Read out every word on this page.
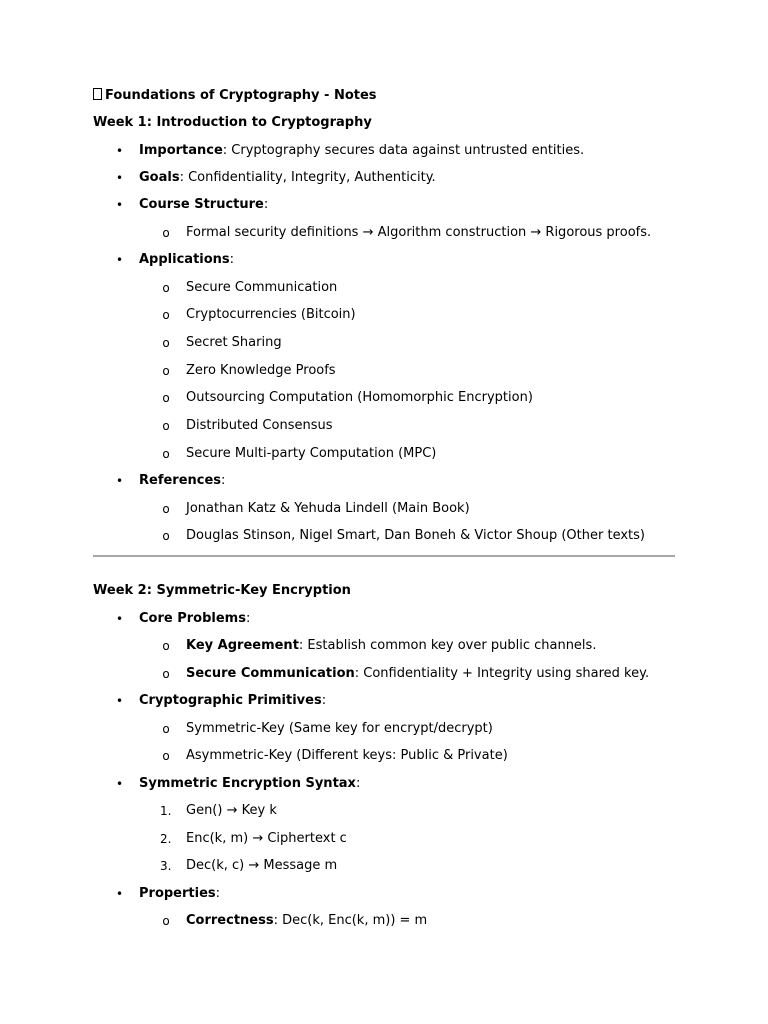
Foundations of Cryptography - Notes
Week 1: Introduction to Cryptography
• Importance: Cryptography secures data against untrusted entities.
• Goals: Confidentiality, Integrity, Authenticity.
• Course Structure:
o Formal security definitions → Algorithm construction → Rigorous proofs.
• Applications:
o Secure Communication
o Cryptocurrencies (Bitcoin)
o Secret Sharing
o Zero Knowledge Proofs
o Outsourcing Computation (Homomorphic Encryption)
o Distributed Consensus
o Secure Multi-party Computation (MPC)
• References:
o Jonathan Katz & Yehuda Lindell (Main Book)
o Douglas Stinson, Nigel Smart, Dan Boneh & Victor Shoup (Other texts)
Week 2: Symmetric-Key Encryption
• Core Problems:
o Key Agreement: Establish common key over public channels.
o Secure Communication: Confidentiality + Integrity using shared key.
• Cryptographic Primitives:
o Symmetric-Key (Same key for encrypt/decrypt)
o Asymmetric-Key (Different keys: Public & Private)
• Symmetric Encryption Syntax:
1.	Gen() → Key k
2.	Enc(k, m) → Ciphertext c
3.	Dec(k, c) → Message m
• Properties:
o Correctness: Dec(k, Enc(k, m)) = m
